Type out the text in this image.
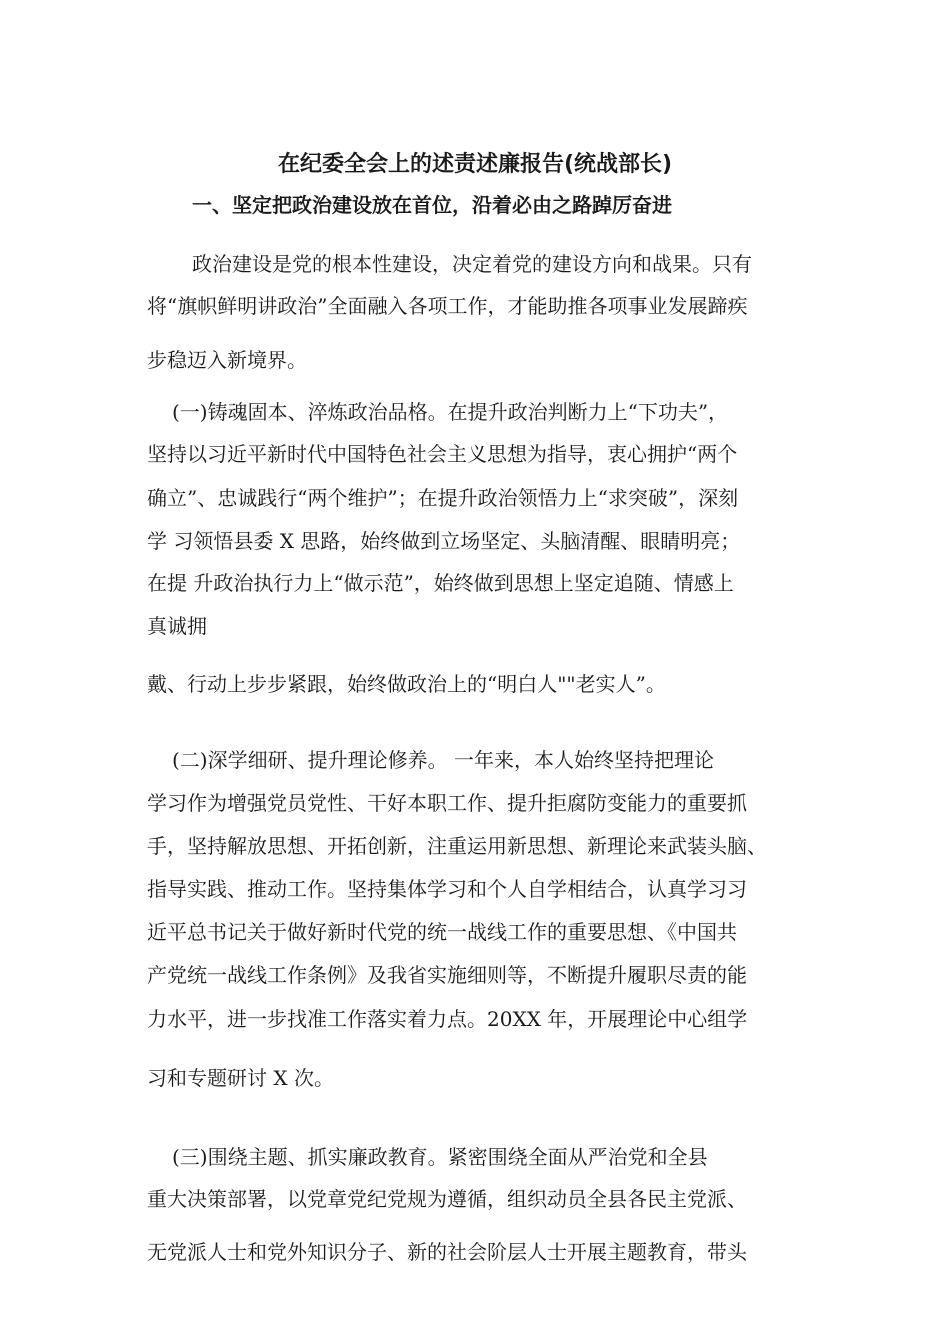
在纪委全会上的述责述廉报告(统战部长)
一、坚定把政治建设放在首位，沿着必由之路踔厉奋进
政治建设是党的根本性建设，决定着党的建设方向和战果。只有
将“旗帜鲜明讲政治”全面融入各项工作，才能助推各项事业发展蹄疾
步稳迈入新境界。
(一)铸魂固本、淬炼政治品格。在提升政治判断力上“下功夫”，
坚持以习近平新时代中国特色社会主义思想为指导，衷心拥护“两个
确立”、忠诚践行“两个维护”；在提升政治领悟力上“求突破”，深刻
学 习领悟县委 X 思路，始终做到立场坚定、头脑清醒、眼睛明亮；
在提 升政治执行力上“做示范”，始终做到思想上坚定追随、情感上
真诚拥
戴、行动上步步紧跟，始终做政治上的“明白人""老实人”。
(二)深学细研、提升理论修养。 一年来，本人始终坚持把理论
学习作为增强党员党性、干好本职工作、提升拒腐防变能力的重要抓
手，坚持解放思想、开拓创新，注重运用新思想、新理论来武装头脑、
指导实践、推动工作。坚持集体学习和个人自学相结合，认真学习习
近平总书记关于做好新时代党的统一战线工作的重要思想、《中国共
产党统一战线工作条例》及我省实施细则等，不断提升履职尽责的能
力水平，进一步找准工作落实着力点。20XX 年，开展理论中心组学
习和专题研讨 X 次。
(三)围绕主题、抓实廉政教育。紧密围绕全面从严治党和全县
重大决策部署，以党章党纪党规为遵循，组织动员全县各民主党派、
无党派人士和党外知识分子、新的社会阶层人士开展主题教育，带头
